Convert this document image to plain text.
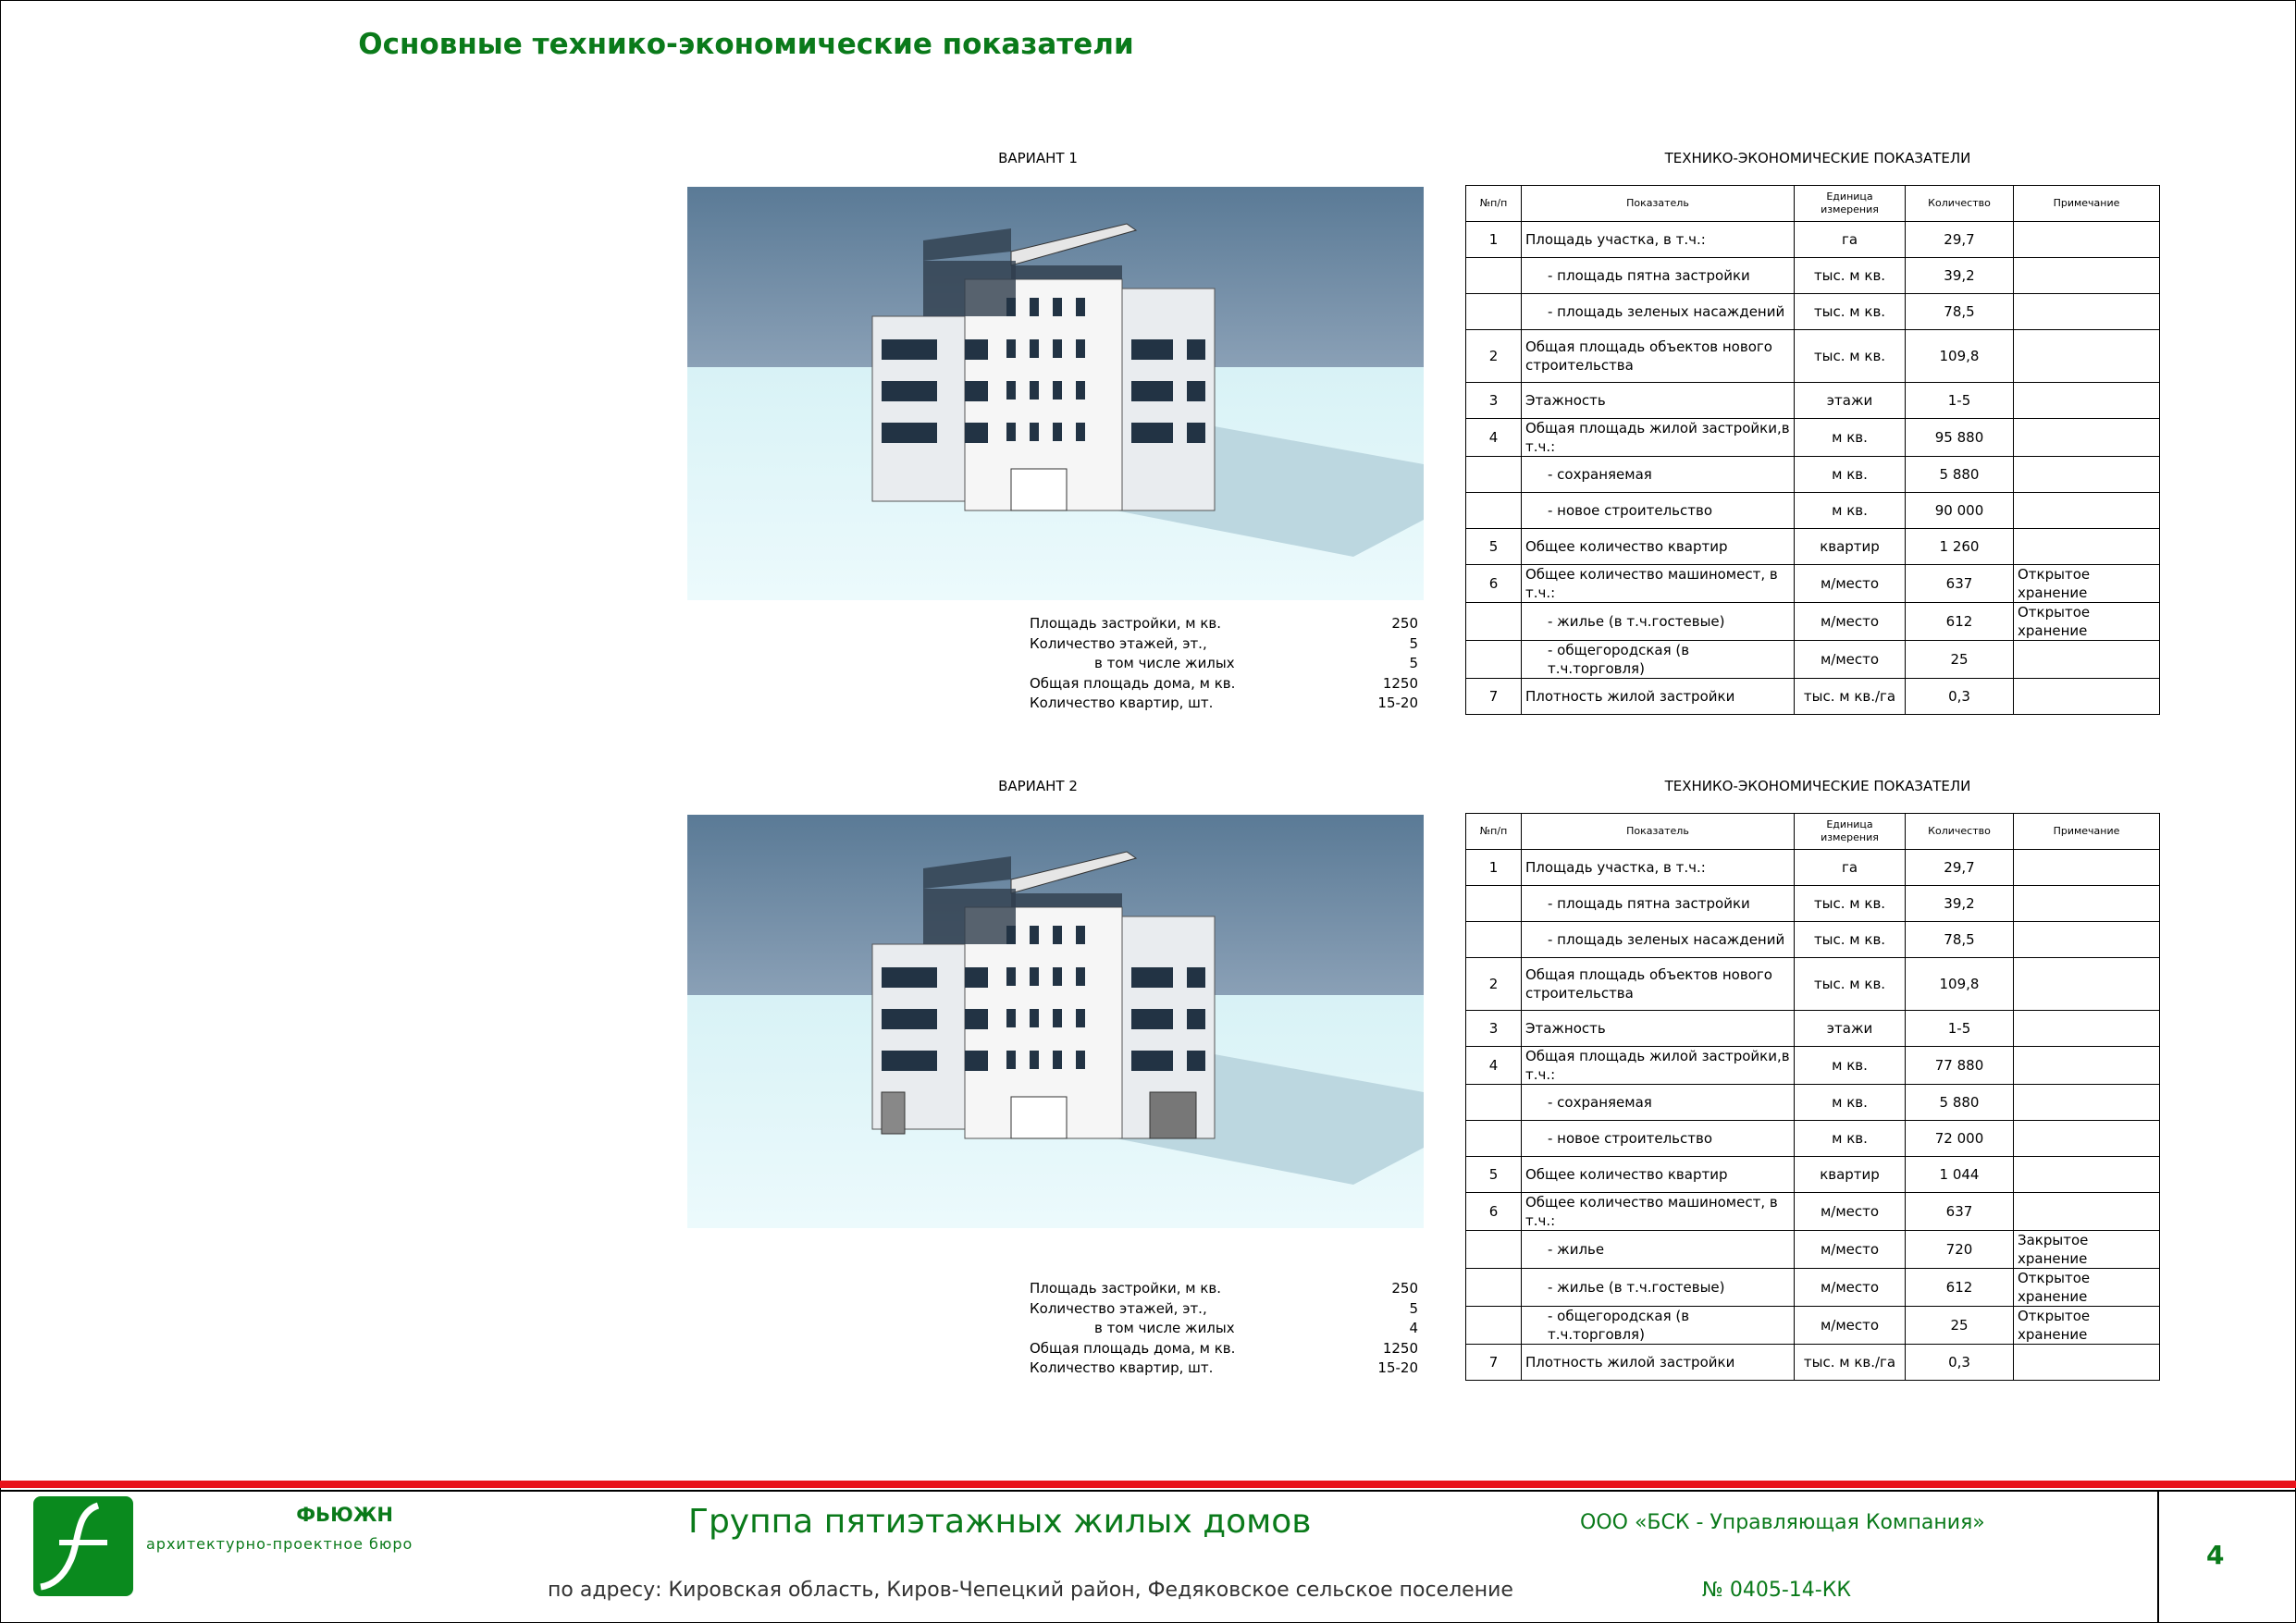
Основные технико-экономические показатели
ВАРИАНТ 1	ТЕХНИКО-ЭКОНОМИЧЕСКИЕ ПОКАЗАТЕЛИ
Площадь застройки, м кв.	250
Количество этажей, эт.,	5
в том числе жилых	5
Общая площадь дома, м кв.	1250
Количество квартир, шт.	15-20
№п/п	Показатель	Единица измерения	Количество	Примечание
1	Площадь участка, в т.ч.:	га	29,7	
	- площадь пятна застройки	тыс. м кв.	39,2	
	- площадь зеленых насаждений	тыс. м кв.	78,5	
2	Общая площадь объектов нового строительства	тыс. м кв.	109,8	
3	Этажность	этажи	1-5	
4	Общая площадь жилой застройки,в т.ч.:	м кв.	95 880	
	- сохраняемая	м кв.	5 880	
	- новое строительство	м кв.	90 000	
5	Общее количество квартир	квартир	1 260	
6	Общее количество машиномест, в т.ч.:	м/место	637	Открытое хранение
	- жилье (в т.ч.гостевые)	м/место	612	Открытое хранение
	- общегородская (в т.ч.торговля)	м/место	25	
7	Плотность жилой застройки	тыс. м кв./га	0,3	
ВАРИАНТ 2	ТЕХНИКО-ЭКОНОМИЧЕСКИЕ ПОКАЗАТЕЛИ
Площадь застройки, м кв.	250
Количество этажей, эт.,	5
в том числе жилых	4
Общая площадь дома, м кв.	1250
Количество квартир, шт.	15-20
№п/п	Показатель	Единица измерения	Количество	Примечание
1	Площадь участка, в т.ч.:	га	29,7	
	- площадь пятна застройки	тыс. м кв.	39,2	
	- площадь зеленых насаждений	тыс. м кв.	78,5	
2	Общая площадь объектов нового строительства	тыс. м кв.	109,8	
3	Этажность	этажи	1-5	
4	Общая площадь жилой застройки,в т.ч.:	м кв.	77 880	
	- сохраняемая	м кв.	5 880	
	- новое строительство	м кв.	72 000	
5	Общее количество квартир	квартир	1 044	
6	Общее количество машиномест, в т.ч.:	м/место	637	
	- жилье	м/место	720	Закрытое хранение
	- жилье (в т.ч.гостевые)	м/место	612	Открытое хранение
	- общегородская (в т.ч.торговля)	м/место	25	Открытое хранение
7	Плотность жилой застройки	тыс. м кв./га	0,3	
ФЬЮЖН
архитектурно-проектное бюро
Группа пятиэтажных жилых домов
по адресу: Кировская область, Киров-Чепецкий район, Федяковское сельское поселение
ООО «БСК - Управляющая Компания»
№ 0405-14-КК
4
